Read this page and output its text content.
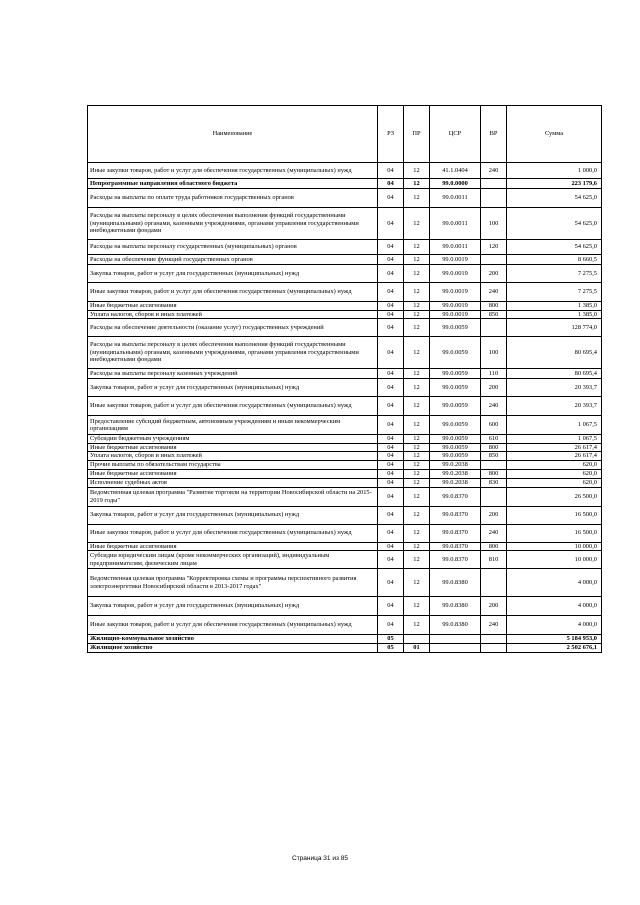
Наименование	РЗ	ПР	ЦСР	ВР	Сумма
Иные закупки товаров, работ и услуг для обеспечения государственных (муниципальных) нужд	04	12	41.1.0404	240	1 000,0
Непрограммные направления областного бюджета	04	12	99.0.0000		223 179,6
Расходы на выплаты по оплате труда работников государственных органов	04	12	99.0.0011		54 625,0
Расходы на выплаты персоналу в целях обеспечения выполнения функций государственными (муниципальными) органами, казенными учреждениями, органами управления государственными внебюджетными фондами	04	12	99.0.0011	100	54 625,0
Расходы на выплаты персоналу государственных (муниципальных) органов	04	12	99.0.0011	120	54 625,0
Расходы на обеспечение функций государственных органов	04	12	99.0.0019		8 660,5
Закупка товаров, работ и услуг для государственных (муниципальных) нужд	04	12	99.0.0019	200	7 275,5
Иные закупки товаров, работ и услуг для обеспечения государственных (муниципальных) нужд	04	12	99.0.0019	240	7 275,5
Иные бюджетные ассигнования	04	12	99.0.0019	800	1 385,0
Уплата налогов, сборов и иных платежей	04	12	99.0.0019	850	1 385,0
Расходы на обеспечение деятельности (оказание услуг) государственных учреждений	04	12	99.0.0059		128 774,0
Расходы на выплаты персоналу в целях обеспечения выполнения функций государственными (муниципальными) органами, казенными учреждениями, органами управления государственными внебюджетными фондами	04	12	99.0.0059	100	80 695,4
Расходы на выплаты персоналу казенных учреждений	04	12	99.0.0059	110	80 695,4
Закупка товаров, работ и услуг для государственных (муниципальных) нужд	04	12	99.0.0059	200	20 393,7
Иные закупки товаров, работ и услуг для обеспечения государственных (муниципальных) нужд	04	12	99.0.0059	240	20 393,7
Предоставление субсидий бюджетным, автономным учреждениям и иным некоммерческим организациям	04	12	99.0.0059	600	1 067,5
Субсидии бюджетным учреждениям	04	12	99.0.0059	610	1 067,5
Иные бюджетные ассигнования	04	12	99.0.0059	800	26 617,4
Уплата налогов, сборов и иных платежей	04	12	99.0.0059	850	26 617,4
Прочие выплаты по обязательствам государства	04	12	99.0.2038		620,0
Иные бюджетные ассигнования	04	12	99.0.2038	800	620,0
Исполнение судебных актов	04	12	99.0.2038	830	620,0
Ведомственная целевая программа "Развитие торговли на территории Новосибирской области на 2015-2019 годы"	04	12	99.0.8370		26 500,0
Закупка товаров, работ и услуг для государственных (муниципальных) нужд	04	12	99.0.8370	200	16 500,0
Иные закупки товаров, работ и услуг для обеспечения государственных (муниципальных) нужд	04	12	99.0.8370	240	16 500,0
Иные бюджетные ассигнования	04	12	99.0.8370	800	10 000,0
Субсидии юридическим лицам (кроме некоммерческих организаций), индивидуальным предпринимателям, физическим лицам	04	12	99.0.8370	810	10 000,0
Ведомственная целевая программа "Корректировка схемы и программы перспективного развития электроэнергетики Новосибирской области в 2013-2017 годах"	04	12	99.0.8380		4 000,0
Закупка товаров, работ и услуг для государственных (муниципальных) нужд	04	12	99.0.8380	200	4 000,0
Иные закупки товаров, работ и услуг для обеспечения государственных (муниципальных) нужд	04	12	99.0.8380	240	4 000,0
Жилищно-коммунальное хозяйство	05				5 184 953,0
Жилищное хозяйство	05	01			2 502 676,1
Страница 31 из 85
